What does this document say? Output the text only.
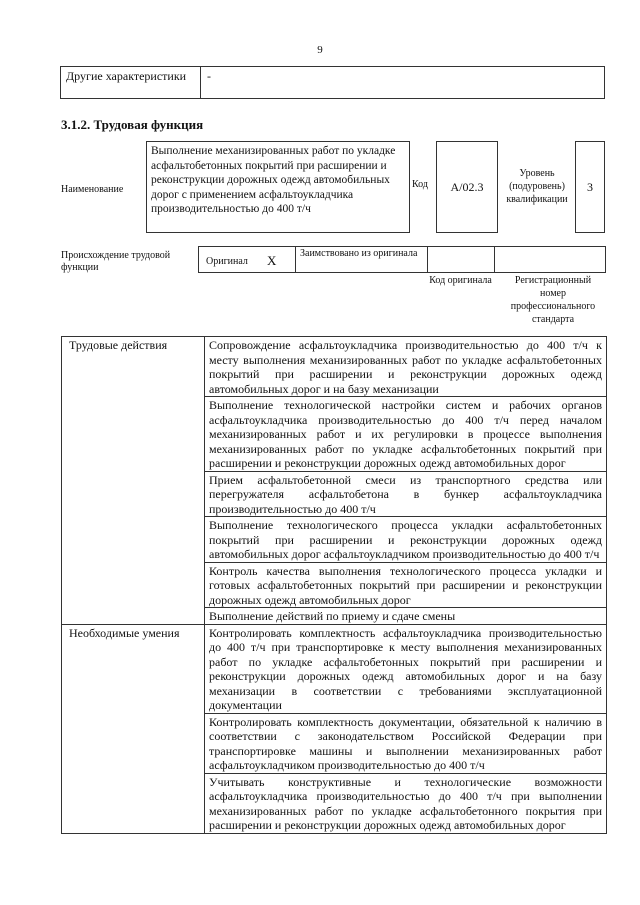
9
Другие характеристики	-
3.1.2. Трудовая функция
Наименование
Выполнение механизированных работ по укладке асфальтобетонных покрытий при расширении и реконструкции дорожных одежд автомобильных дорог с применением асфальтоукладчика производительностью до 400 т/ч
Код	А/02.3
Уровень (подуровень) квалификации
3
Происхождение трудовой функции
Оригинал X Заимствовано из оригинала
Код оригинала	Регистрационный номер профессионального стандарта
Трудовые действия	Сопровождение асфальтоукладчика производительностью до 400 т/ч к месту выполнения механизированных работ по укладке асфальтобетонных покрытий при расширении и реконструкции дорожных одежд автомобильных дорог и на базу механизации
	Выполнение технологической настройки систем и рабочих органов асфальтоукладчика производительностью до 400 т/ч перед началом механизированных работ и их регулировки в процессе выполнения механизированных работ по укладке асфальтобетонных покрытий при расширении и реконструкции дорожных одежд автомобильных дорог
	Прием асфальтобетонной смеси из транспортного средства или перегружателя асфальтобетона в бункер асфальтоукладчика производительностью до 400 т/ч
	Выполнение технологического процесса укладки асфальтобетонных покрытий при расширении и реконструкции дорожных одежд автомобильных дорог асфальтоукладчиком производительностью до 400 т/ч
	Контроль качества выполнения технологического процесса укладки и готовых асфальтобетонных покрытий при расширении и реконструкции дорожных одежд автомобильных дорог
	Выполнение действий по приему и сдаче смены
Необходимые умения	Контролировать комплектность асфальтоукладчика производительностью до 400 т/ч при транспортировке к месту выполнения механизированных работ по укладке асфальтобетонных покрытий при расширении и реконструкции дорожных одежд автомобильных дорог и на базу механизации в соответствии с требованиями эксплуатационной документации
	Контролировать комплектность документации, обязательной к наличию в соответствии с законодательством Российской Федерации при транспортировке машины и выполнении механизированных работ асфальтоукладчиком производительностью до 400 т/ч
	Учитывать конструктивные и технологические возможности асфальтоукладчика производительностью до 400 т/ч при выполнении механизированных работ по укладке асфальтобетонного покрытия при расширении и реконструкции дорожных одежд автомобильных дорог
